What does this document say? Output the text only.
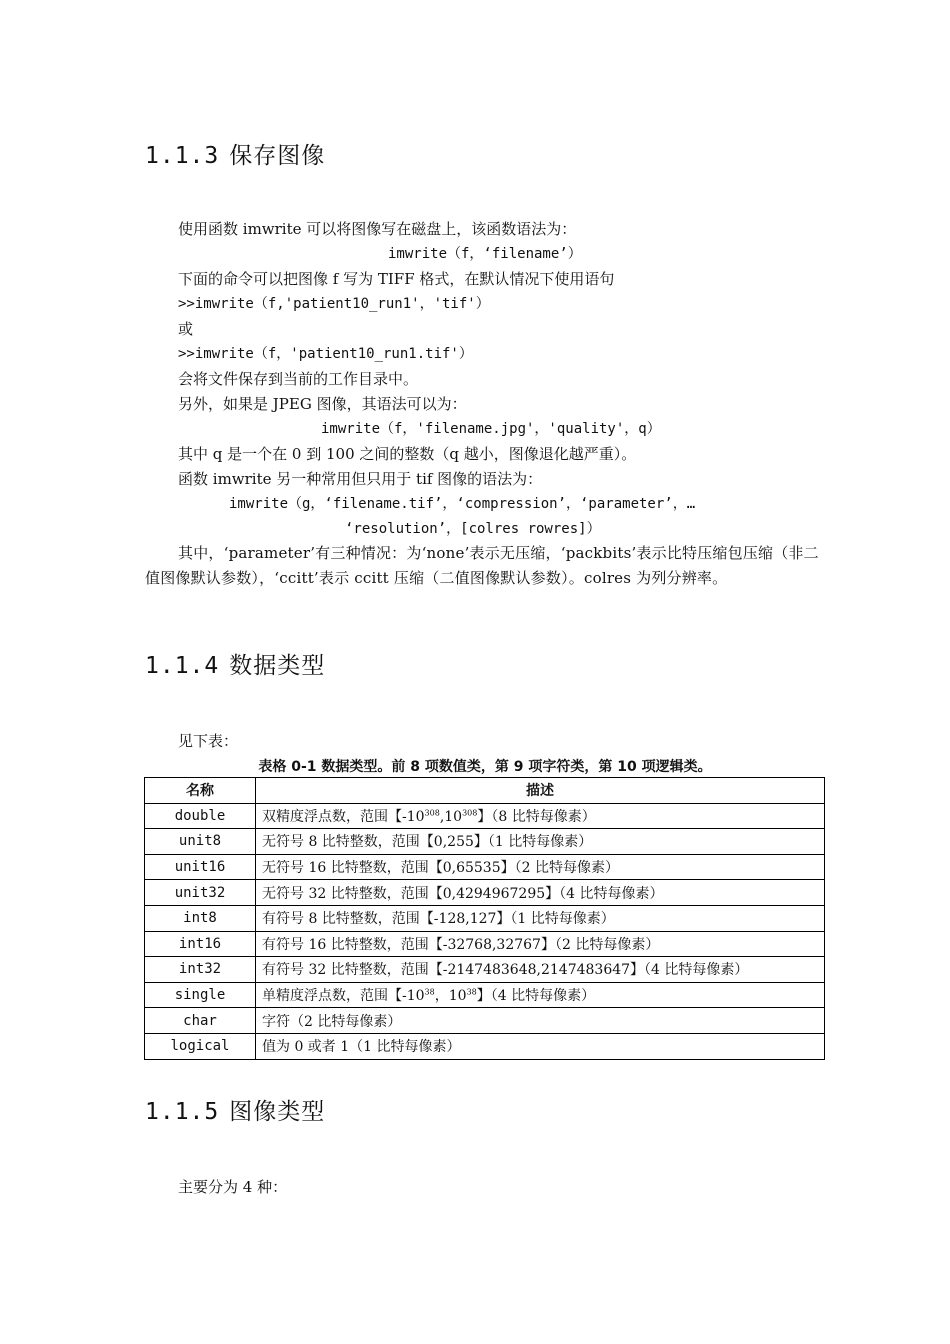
1.1.3 保存图像

使用函数 imwrite 可以将图像写在磁盘上，该函数语法为：

imwrite（f，‘filename’）

下面的命令可以把图像 f 写为 TIFF 格式，在默认情况下使用语句

>>imwrite（f,'patient10_run1'，'tif'）

或

>>imwrite（f，'patient10_run1.tif'）

会将文件保存到当前的工作目录中。

另外，如果是 JPEG 图像，其语法可以为：

imwrite（f，'filename.jpg'，'quality'，q）

其中 q 是一个在 0 到 100 之间的整数（q 越小，图像退化越严重）。

函数 imwrite 另一种常用但只用于 tif 图像的语法为：

imwrite（g，‘filename.tif’，‘compression’，‘parameter’，…

‘resolution’，[colres rowres]）

其中，‘parameter’有三种情况：为‘none’表示无压缩，‘packbits’表示比特压缩包压缩（非二值图像默认参数），‘ccitt’表示 ccitt 压缩（二值图像默认参数）。colres 为列分辨率。

1.1.4 数据类型

见下表：

表格 0-1 数据类型。前 8 项数值类，第 9 项字符类，第 10 项逻辑类。

名称	描述
double	双精度浮点数，范围【$-10^{308},10^{308}$】（8 比特每像素）
unit8	无符号 8 比特整数，范围【0,255】（1 比特每像素）
unit16	无符号 16 比特整数，范围【0,65535】（2 比特每像素）
unit32	无符号 32 比特整数，范围【0,4294967295】（4 比特每像素）
int8	有符号 8 比特整数，范围【-128,127】（1 比特每像素）
int16	有符号 16 比特整数，范围【-32768,32767】（2 比特每像素）
int32	有符号 32 比特整数，范围【-2147483648,2147483647】（4 比特每像素）
single	单精度浮点数，范围【$-10^{38}$，$10^{38}$】（4 比特每像素）
char	字符（2 比特每像素）
logical	值为 0 或者 1（1 比特每像素）
1.1.5 图像类型

主要分为 4 种：
